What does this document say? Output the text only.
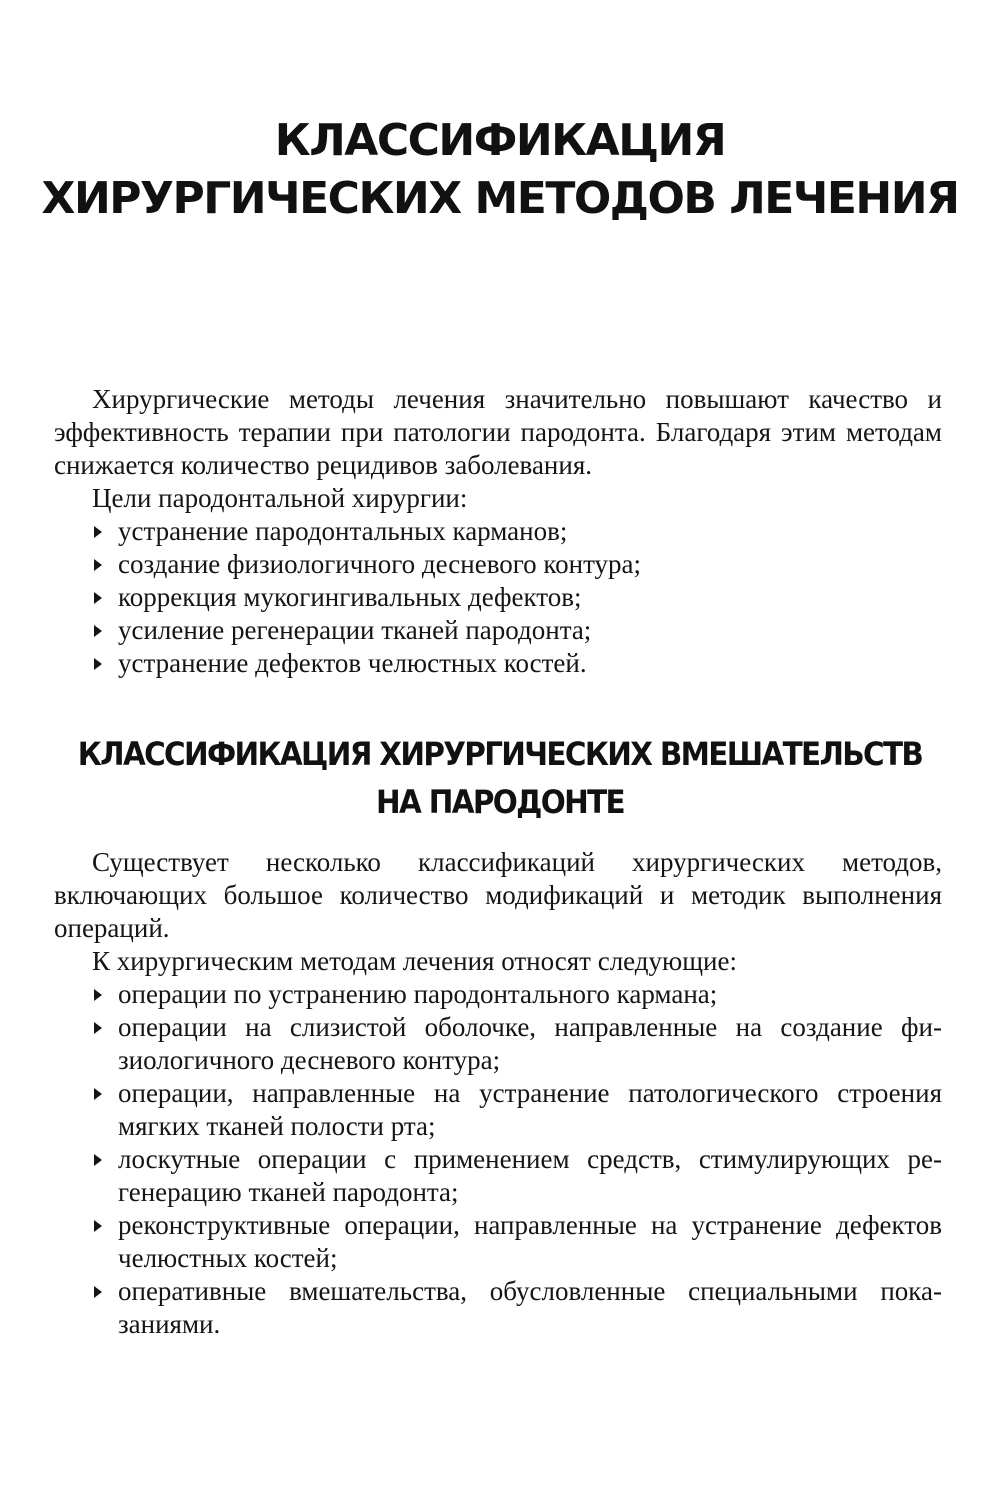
КЛАССИФИКАЦИЯ
ХИРУРГИЧЕСКИХ МЕТОДОВ ЛЕЧЕНИЯ

Хирургические методы лечения значительно повышают качество и эффективность терапии при патологии пародонта. Благодаря этим методам снижается количество рецидивов заболевания.

Цели пародонтальной хирургии:

устранение пародонтальных карманов;
создание физиологичного десневого контура;
коррекция мукогингивальных дефектов;
усиление регенерации тканей пародонта;
устранение дефектов челюстных костей.
КЛАССИФИКАЦИЯ ХИРУРГИЧЕСКИХ ВМЕШАТЕЛЬСТВ
НА ПАРОДОНТЕ

Существует несколько классификаций хирургических методов, включающих большое количество модификаций и методик выполнения операций.

К хирургическим методам лечения относят следующие:

операции по устранению пародонтального кармана;
операции на слизистой оболочке, направленные на создание физиологичного десневого контура;
операции, направленные на устранение патологического строения мягких тканей полости рта;
лоскутные операции с применением средств, стимулирующих регенерацию тканей пародонта;
реконструктивные операции, направленные на устранение дефектов челюстных костей;
оперативные вмешательства, обусловленные специальными показаниями.
